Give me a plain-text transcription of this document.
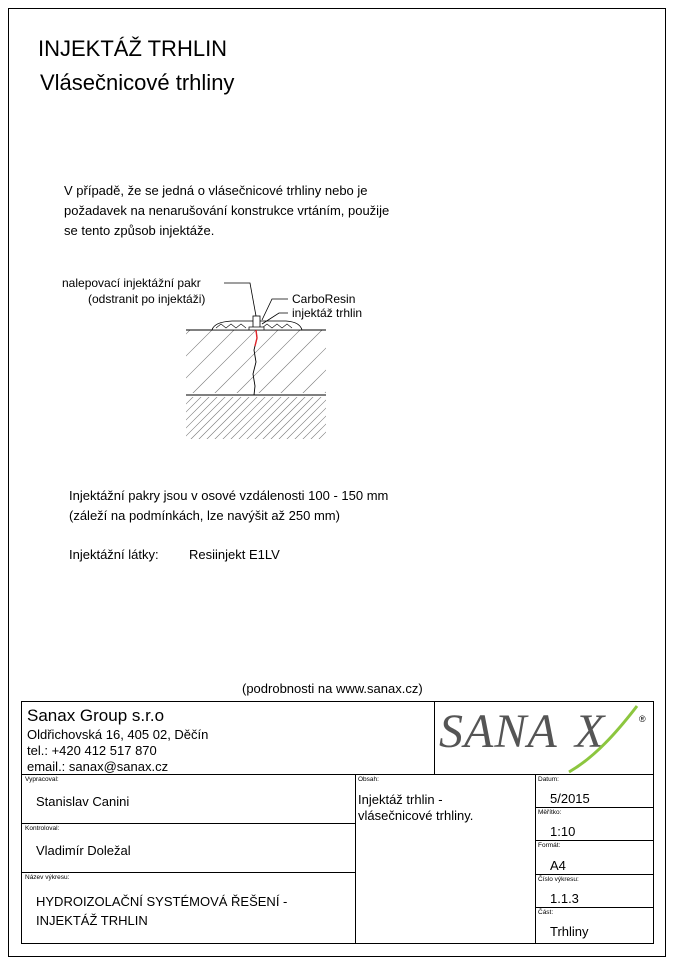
INJEKTÁŽ TRHLIN
Vlásečnicové trhliny
V případě, že se jedná o vlásečnicové trhliny nebo je
požadavek na nenarušování konstrukce vrtáním, použije
se tento způsob injektáže.
nalepovací injektážní pakr
(odstranit po injektáži)	CarboResin
injektáž trhlin
Injektážní pakry jsou v osové vzdálenosti 100 - 150 mm
(záleží na podmínkách, lze navýšit až 250 mm)
Injektážní látky: Resiinjekt E1LV
(podrobnosti na www.sanax.cz)
Sanax Group s.r.o
Oldřichovská 16, 405 02, Děčín
tel.: +420 412 517 870
email.: sanax@sanax.cz
SANA X	®
Vypracoval:
Stanislav Canini
Kontroloval:
Vladimír Doležal
Název výkresu:
HYDROIZOLAČNÍ SYSTÉMOVÁ ŘEŠENÍ -
INJEKTÁŽ TRHLIN
Obsah:
Injektáž trhlin -
vlásečnicové trhliny.
Datum:
5/2015
Měřítko:
1:10
Formát:
A4
Číslo výkresu:
1.1.3
Část:
Trhliny
